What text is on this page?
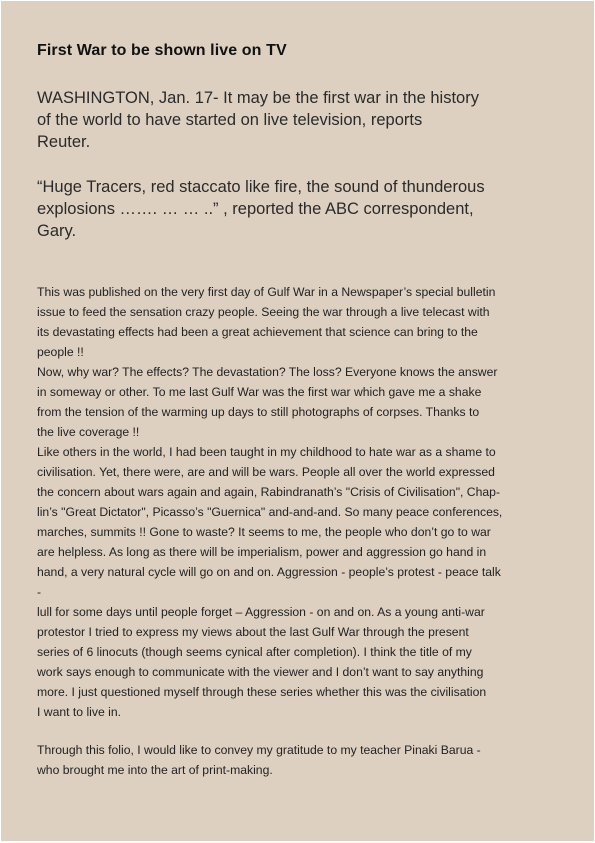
First War to be shown live on TV
WASHINGTON, Jan. 17- It may be the first war in the history
of the world to have started on live television, reports
Reuter.
“Huge Tracers, red staccato like fire, the sound of thunderous
explosions ……. … … ..” , reported the ABC correspondent,
Gary.
This was published on the very first day of Gulf War in a Newspaper’s special bulletin
issue to feed the sensation crazy people. Seeing the war through a live telecast with
its devastating effects had been a great achievement that science can bring to the
people !!
Now, why war? The effects? The devastation? The loss? Everyone knows the answer
in someway or other. To me last Gulf War was the first war which gave me a shake
from the tension of the warming up days to still photographs of corpses. Thanks to
the live coverage !!
Like others in the world, I had been taught in my childhood to hate war as a shame to
civilisation. Yet, there were, are and will be wars. People all over the world expressed
the concern about wars again and again, Rabindranath’s "Crisis of Civilisation", Chap-
lin’s "Great Dictator", Picasso’s "Guernica" and-and-and. So many peace conferences,
marches, summits !! Gone to waste? It seems to me, the people who don’t go to war
are helpless. As long as there will be imperialism, power and aggression go hand in
hand, a very natural cycle will go on and on. Aggression - people’s protest - peace talk
-
lull for some days until people forget – Aggression - on and on. As a young anti-war
protestor I tried to express my views about the last Gulf War through the present
series of 6 linocuts (though seems cynical after completion). I think the title of my
work says enough to communicate with the viewer and I don’t want to say anything
more. I just questioned myself through these series whether this was the civilisation
I want to live in.
Through this folio, I would like to convey my gratitude to my teacher Pinaki Barua -
who brought me into the art of print-making.
